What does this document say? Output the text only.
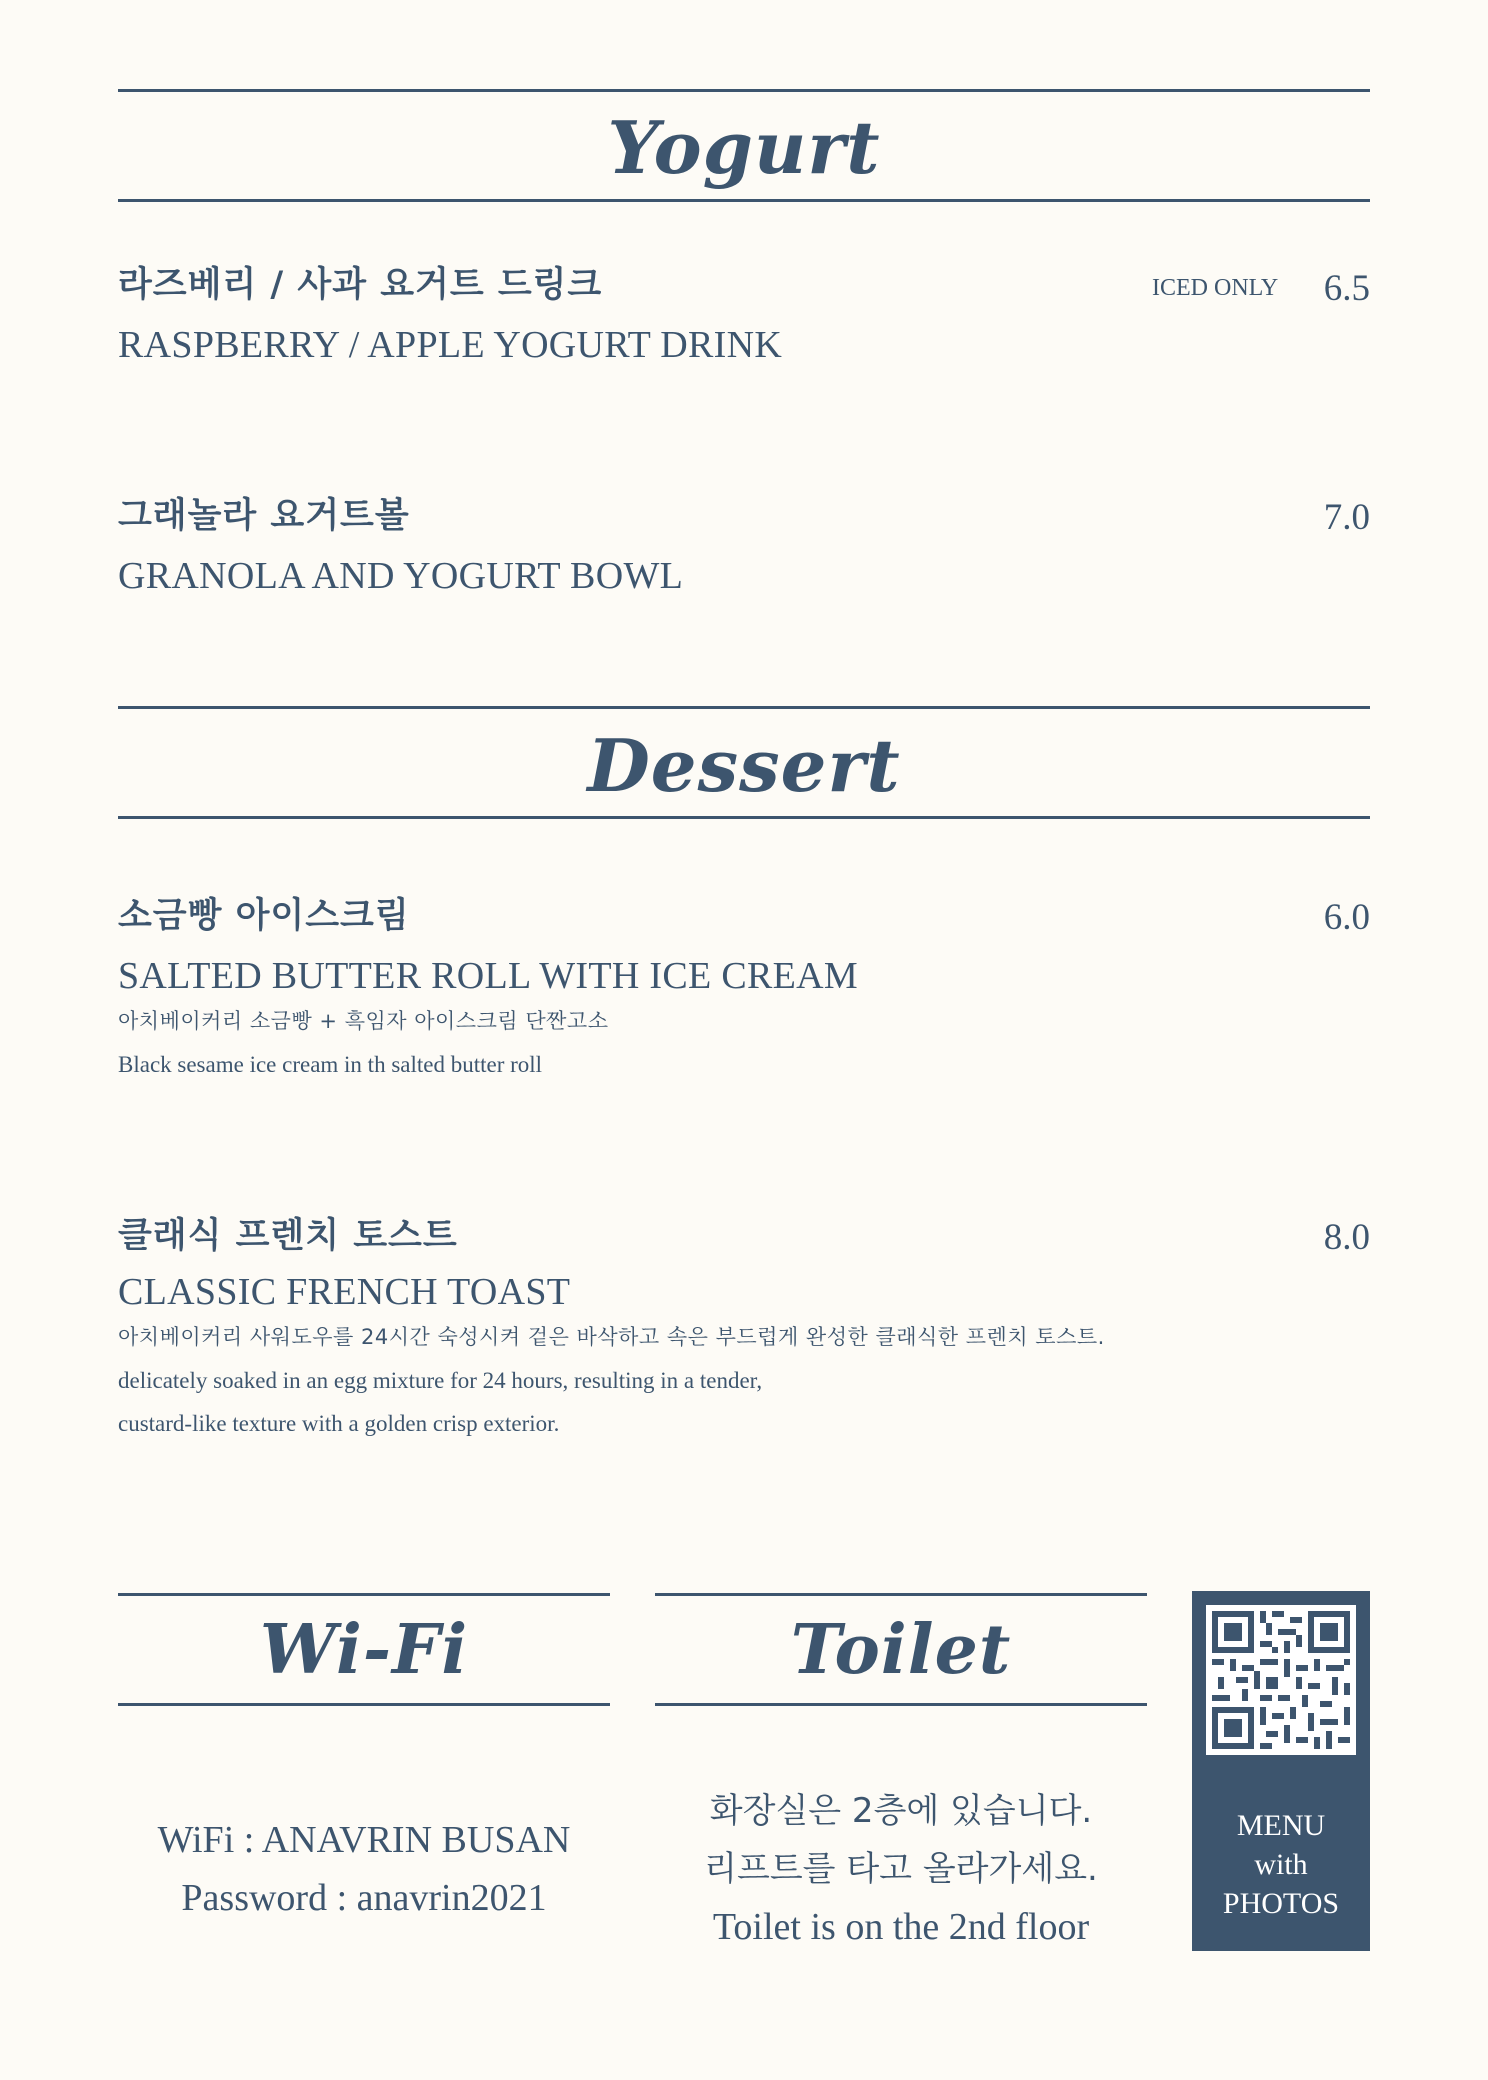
Yogurt
라즈베리 / 사과 요거트 드링크
RASPBERRY / APPLE YOGURT DRINK
ICED ONLY 6.5
그래놀라 요거트볼
GRANOLA AND YOGURT BOWL
7.0
Dessert
소금빵 아이스크림
SALTED BUTTER ROLL WITH ICE CREAM
아치베이커리 소금빵 + 흑임자 아이스크림 단짠고소
Black sesame ice cream in th salted butter roll
6.0
클래식 프렌치 토스트
CLASSIC FRENCH TOAST
아치베이커리 사워도우를 24시간 숙성시켜 겉은 바삭하고 속은 부드럽게 완성한 클래식한 프렌치 토스트.
delicately soaked in an egg mixture for 24 hours, resulting in a tender,
custard-like texture with a golden crisp exterior.
8.0
Wi-Fi
WiFi : ANAVRIN BUSAN
Password : anavrin2021
Toilet
화장실은 2층에 있습니다.
리프트를 타고 올라가세요.
Toilet is on the 2nd floor
MENU
with
PHOTOS
